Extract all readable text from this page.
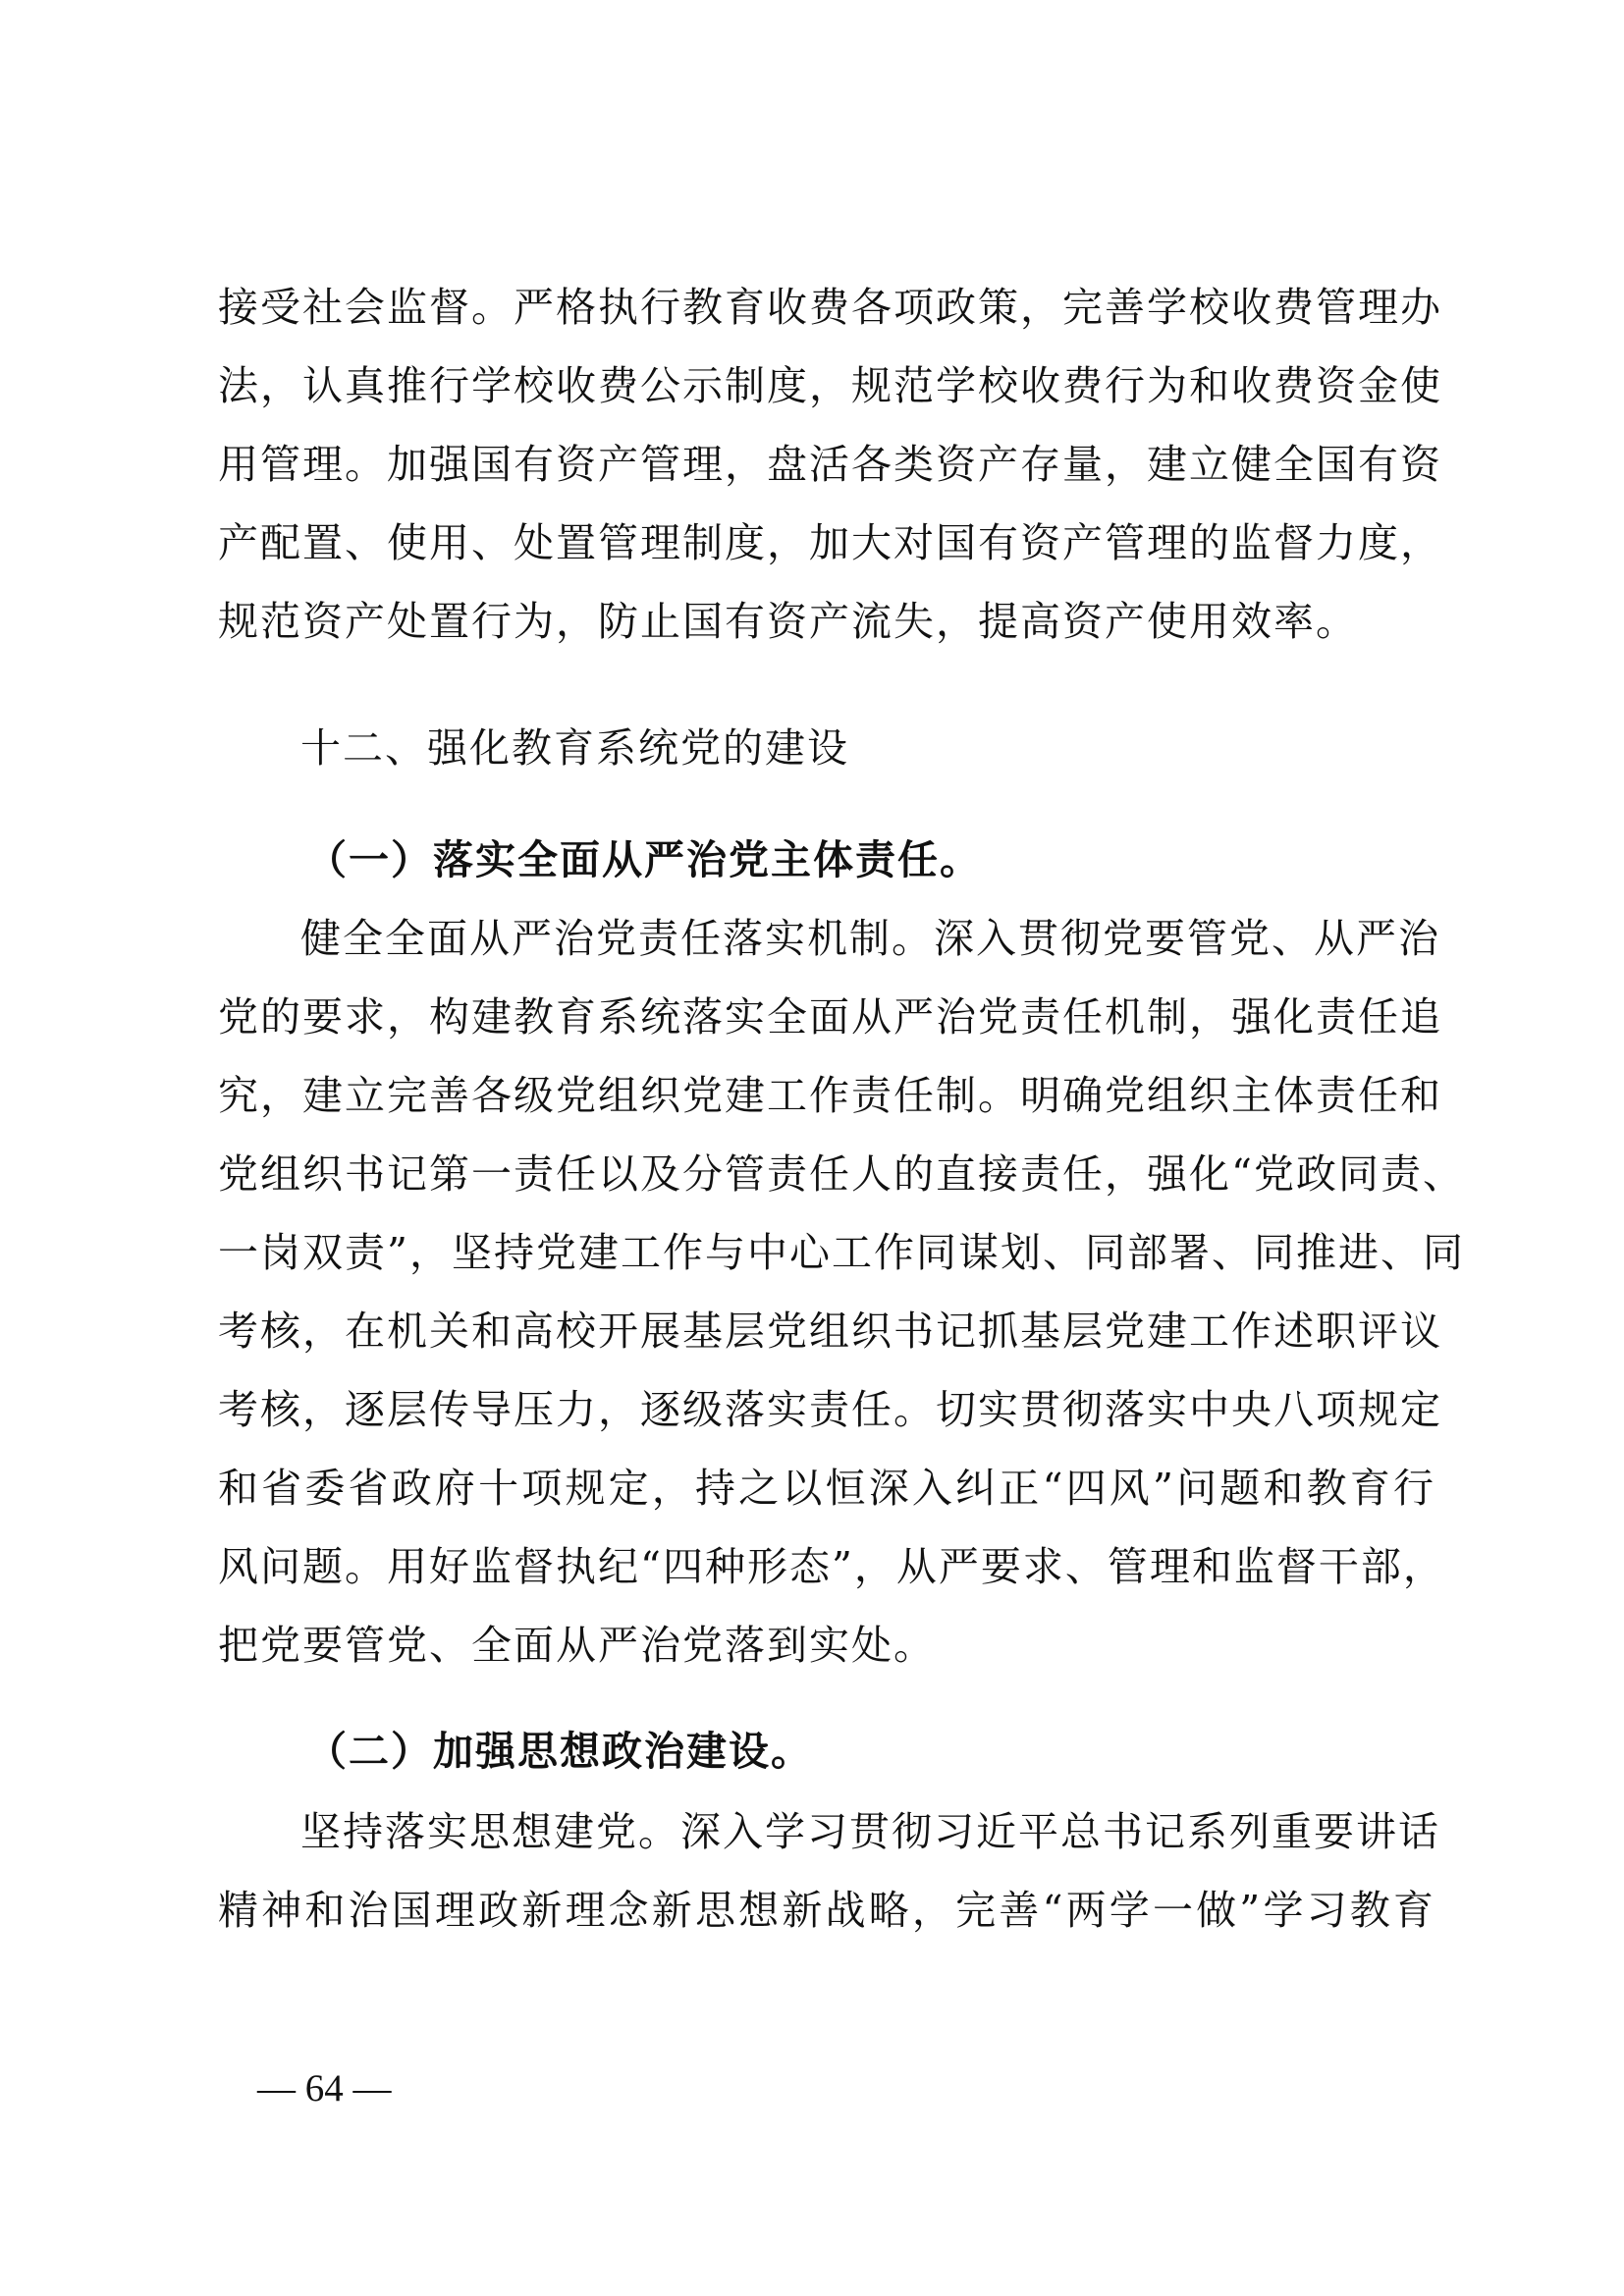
接受社会监督。严格执行教育收费各项政策，完善学校收费管理办
法，认真推行学校收费公示制度，规范学校收费行为和收费资金使
用管理。加强国有资产管理，盘活各类资产存量，建立健全国有资
产配置、使用、处置管理制度，加大对国有资产管理的监督力度，
规范资产处置行为，防止国有资产流失，提高资产使用效率。
十二、强化教育系统党的建设
（一）落实全面从严治党主体责任。
健全全面从严治党责任落实机制。深入贯彻党要管党、从严治
党的要求，构建教育系统落实全面从严治党责任机制，强化责任追
究，建立完善各级党组织党建工作责任制。明确党组织主体责任和
党组织书记第一责任以及分管责任人的直接责任，强化“党政同责、
一岗双责”，坚持党建工作与中心工作同谋划、同部署、同推进、同
考核，在机关和高校开展基层党组织书记抓基层党建工作述职评议
考核，逐层传导压力，逐级落实责任。切实贯彻落实中央八项规定
和省委省政府十项规定，持之以恒深入纠正“四风”问题和教育行
风问题。用好监督执纪“四种形态”，从严要求、管理和监督干部，
把党要管党、全面从严治党落到实处。
（二）加强思想政治建设。
坚持落实思想建党。深入学习贯彻习近平总书记系列重要讲话
精神和治国理政新理念新思想新战略，完善“两学一做”学习教育
— 64 —
